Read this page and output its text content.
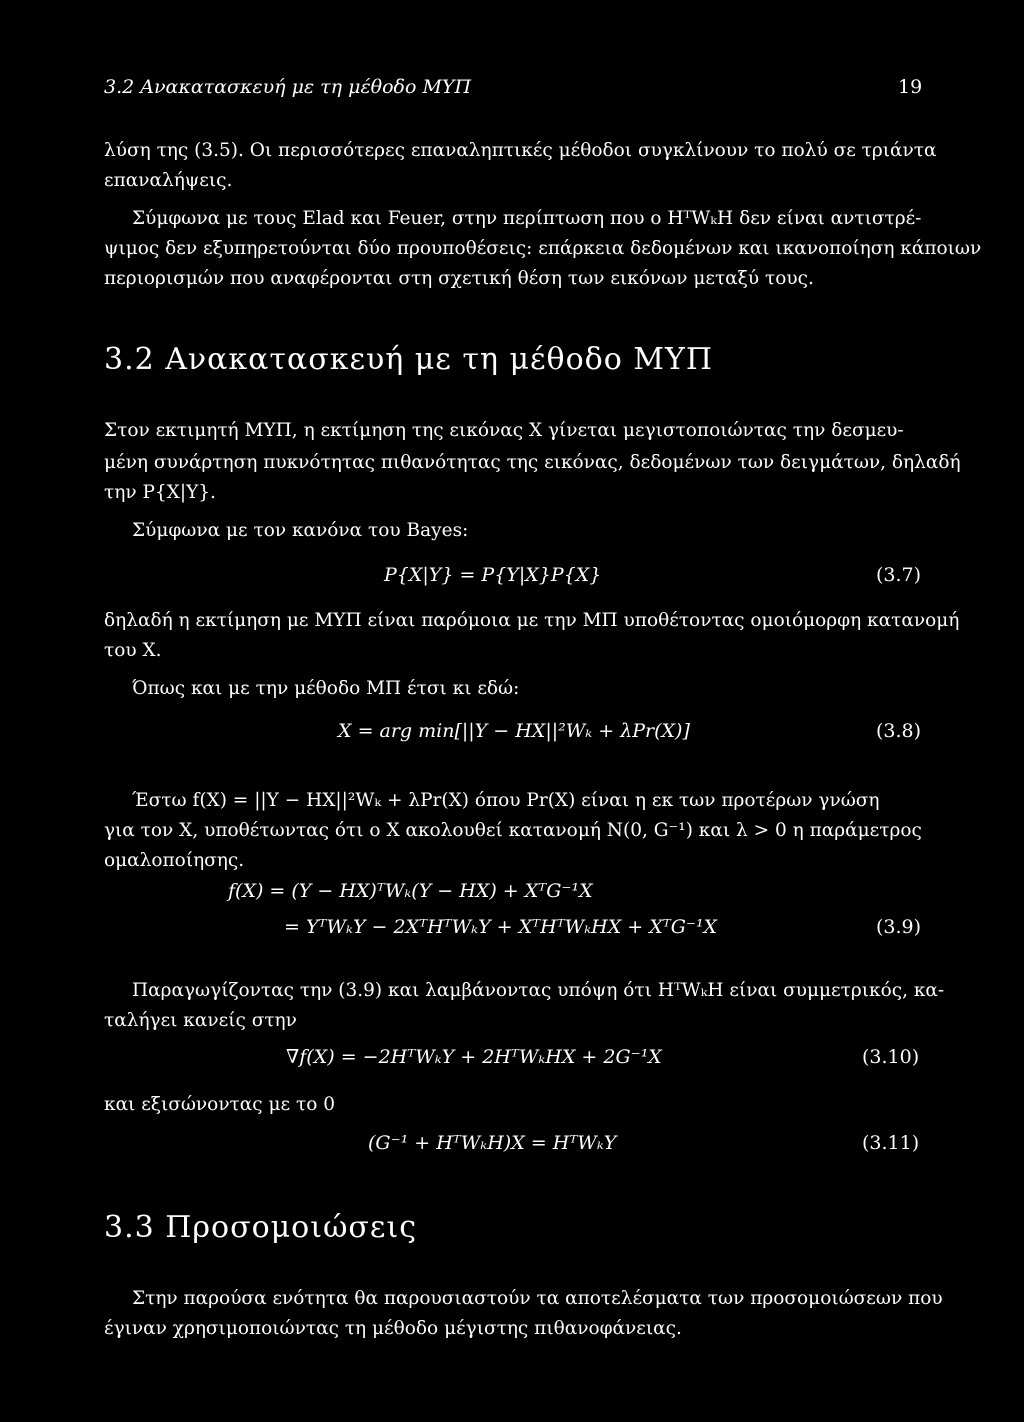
3.2 Ανακατασκευή με τη μέθοδο ΜΥΠ	19
λύση της (3.5). Οι περισσότερες επαναληπτικές μέθοδοι συγκλίνουν το πολύ σε τριάντα
επαναλήψεις.
Σύμφωνα με τους Elad και Feuer, στην περίπτωση που ο HᵀWₖH δεν είναι αντιστρέ-
ψιμος δεν εξυπηρετούνται δύο προυποθέσεις: επάρκεια δεδομένων και ικανοποίηση κάποιων
περιορισμών που αναφέρονται στη σχετική θέση των εικόνων μεταξύ τους.
3.2 Ανακατασκευή με τη μέθοδο ΜΥΠ
Στον εκτιμητή ΜΥΠ, η εκτίμηση της εικόνας X γίνεται μεγιστοποιώντας την δεσμευ-
μένη συνάρτηση πυκνότητας πιθανότητας της εικόνας, δεδομένων των δειγμάτων, δηλαδή
την P{X|Y}.
Σύμφωνα με τον κανόνα του Bayes:
P{X|Y} = P{Y|X}P{X}	(3.7)
δηλαδή η εκτίμηση με ΜΥΠ είναι παρόμοια με την ΜΠ υποθέτοντας ομοιόμορφη κατανομή
του X.
Όπως και με την μέθοδο ΜΠ έτσι κι εδώ:
X = arg min[||Y − HX||²Wₖ + λPr(X)]	(3.8)
Έστω f(X) = ||Y − HX||²Wₖ + λPr(X) όπου Pr(X) είναι η εκ των προτέρων γνώση
για τον X, υποθέτωντας ότι ο X ακολουθεί κατανομή N(0, G⁻¹) και λ > 0 η παράμετρος
ομαλοποίησης.
f(X) = (Y − HX)ᵀWₖ(Y − HX) + XᵀG⁻¹X
= YᵀWₖY − 2XᵀHᵀWₖY + XᵀHᵀWₖHX + XᵀG⁻¹X	(3.9)
Παραγωγίζοντας την (3.9) και λαμβάνοντας υπόψη ότι HᵀWₖH είναι συμμετρικός, κα-
ταλήγει κανείς στην
∇f(X) = −2HᵀWₖY + 2HᵀWₖHX + 2G⁻¹X	(3.10)
και εξισώνοντας με το 0
(G⁻¹ + HᵀWₖH)X = HᵀWₖY	(3.11)
3.3 Προσομοιώσεις
Στην παρούσα ενότητα θα παρουσιαστούν τα αποτελέσματα των προσομοιώσεων που
έγιναν χρησιμοποιώντας τη μέθοδο μέγιστης πιθανοφάνειας.
